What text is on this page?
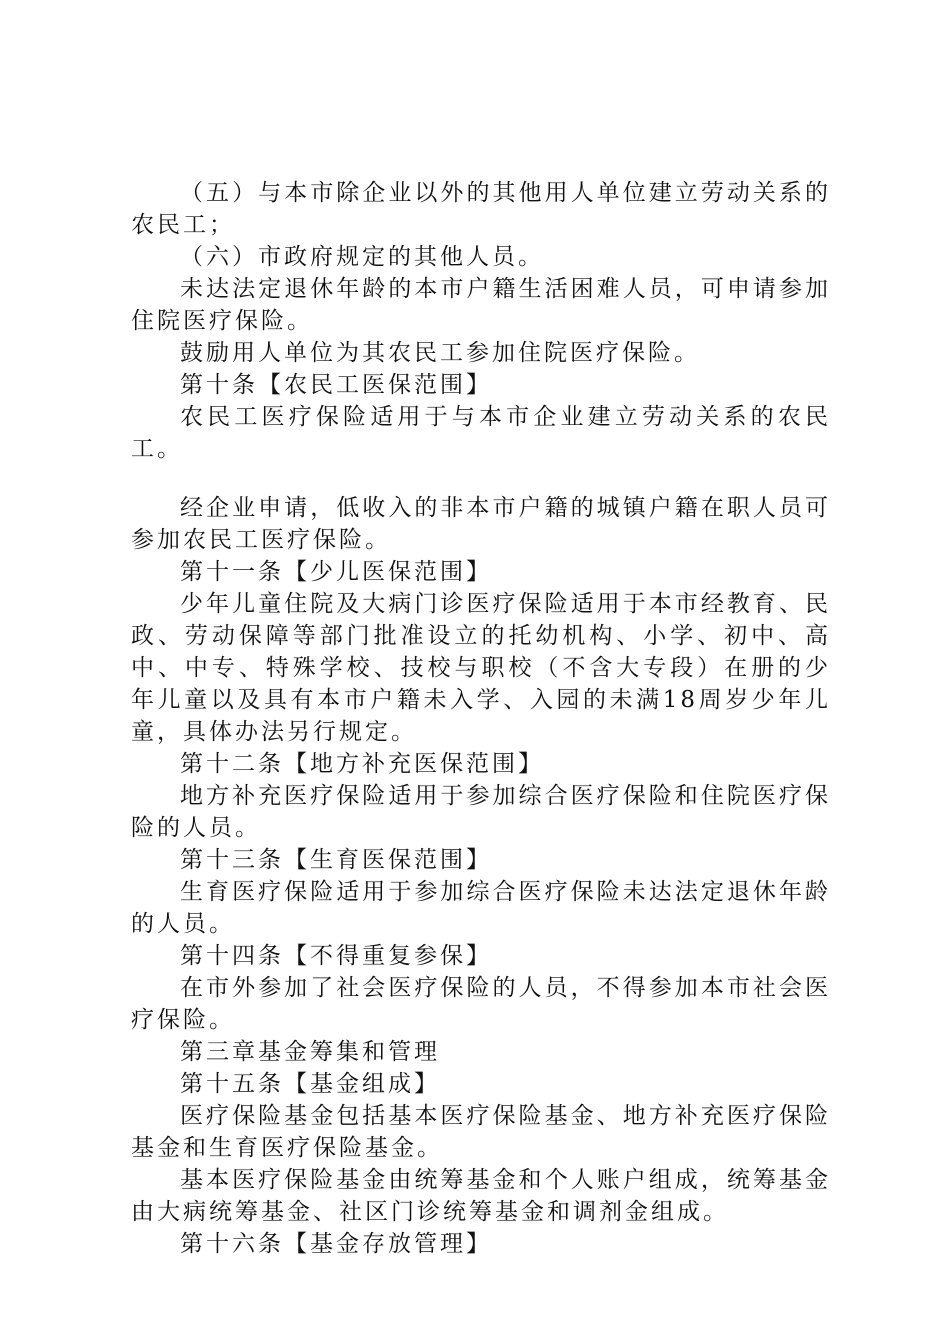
（五）与本市除企业以外的其他用人单位建立劳动关系的农民工；

（六）市政府规定的其他人员。

未达法定退休年龄的本市户籍生活困难人员，可申请参加住院医疗保险。

鼓励用人单位为其农民工参加住院医疗保险。

第十条【农民工医保范围】

农民工医疗保险适用于与本市企业建立劳动关系的农民工。

经企业申请，低收入的非本市户籍的城镇户籍在职人员可参加农民工医疗保险。

第十一条【少儿医保范围】

少年儿童住院及大病门诊医疗保险适用于本市经教育、民政、劳动保障等部门批准设立的托幼机构、小学、初中、高中、中专、特殊学校、技校与职校（不含大专段）在册的少年儿童以及具有本市户籍未入学、入园的未满18周岁少年儿童，具体办法另行规定。

第十二条【地方补充医保范围】

地方补充医疗保险适用于参加综合医疗保险和住院医疗保险的人员。

第十三条【生育医保范围】

生育医疗保险适用于参加综合医疗保险未达法定退休年龄的人员。

第十四条【不得重复参保】

在市外参加了社会医疗保险的人员，不得参加本市社会医疗保险。

第三章基金筹集和管理

第十五条【基金组成】

医疗保险基金包括基本医疗保险基金、地方补充医疗保险基金和生育医疗保险基金。

基本医疗保险基金由统筹基金和个人账户组成，统筹基金由大病统筹基金、社区门诊统筹基金和调剂金组成。

第十六条【基金存放管理】
